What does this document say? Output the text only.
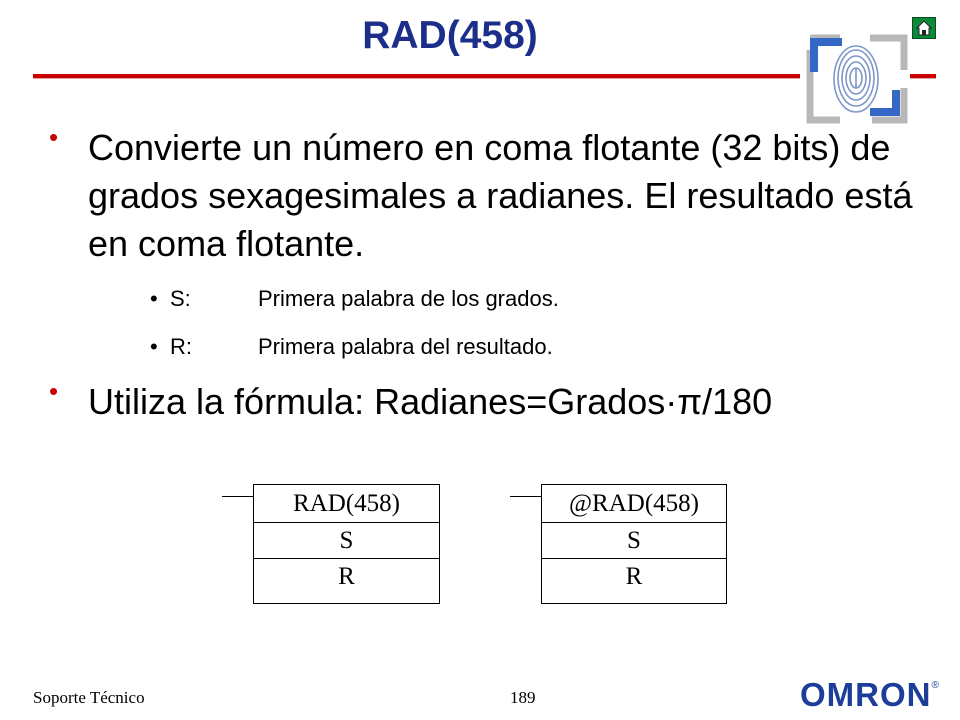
RAD(458)
• Convierte un número en coma flotante (32 bits) de grados sexagesimales a radianes. El resultado está en coma flotante.
• S:	Primera palabra de los grados.
• R:	Primera palabra del resultado.
• Utiliza la fórmula: Radianes=Grados·π/180
RAD(458)
S
R
@RAD(458)
S
R
Soporte Técnico	189	OMRON®
